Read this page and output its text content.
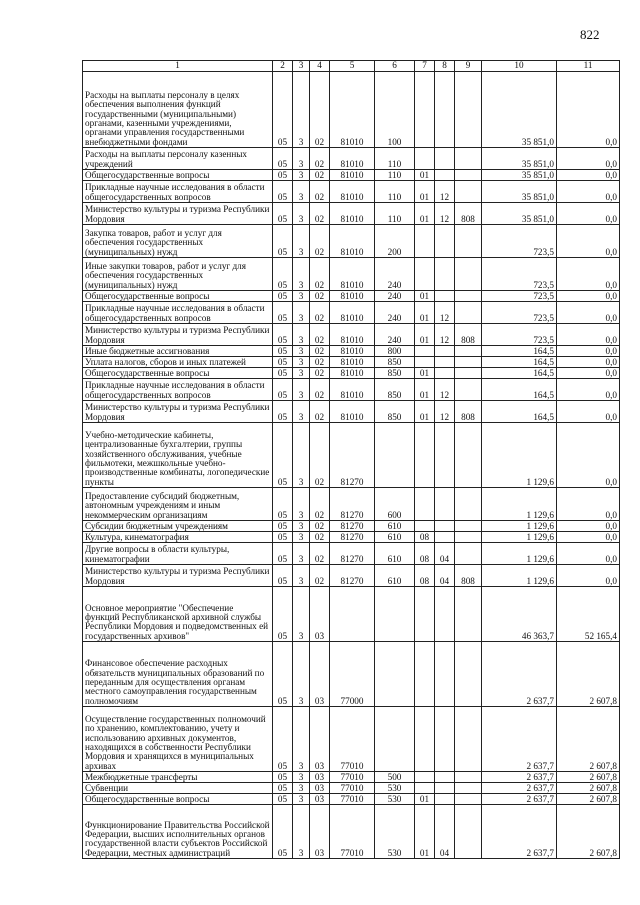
822
1	2	3	4	5	6	7	8	9	10	11
Расходы на выплаты персоналу в целях обеспечения выполнения функций государственными (муниципальными) органами, казенными учреждениями, органами управления государственными внебюджетными фондами	05	3	02	81010	100				35 851,0	0,0
Расходы на выплаты персоналу казенных учреждений	05	3	02	81010	110				35 851,0	0,0
Общегосударственные вопросы	05	3	02	81010	110	01			35 851,0	0,0
Прикладные научные исследования в области общегосударственных вопросов	05	3	02	81010	110	01	12		35 851,0	0,0
Министерство культуры и туризма Республики Мордовия	05	3	02	81010	110	01	12	808	35 851,0	0,0
Закупка товаров, работ и услуг для обеспечения государственных (муниципальных) нужд	05	3	02	81010	200				723,5	0,0
Иные закупки товаров, работ и услуг для обеспечения государственных (муниципальных) нужд	05	3	02	81010	240				723,5	0,0
Общегосударственные вопросы	05	3	02	81010	240	01			723,5	0,0
Прикладные научные исследования в области общегосударственных вопросов	05	3	02	81010	240	01	12		723,5	0,0
Министерство культуры и туризма Республики Мордовия	05	3	02	81010	240	01	12	808	723,5	0,0
Иные бюджетные ассигнования	05	3	02	81010	800				164,5	0,0
Уплата налогов, сборов и иных платежей	05	3	02	81010	850				164,5	0,0
Общегосударственные вопросы	05	3	02	81010	850	01			164,5	0,0
Прикладные научные исследования в области общегосударственных вопросов	05	3	02	81010	850	01	12		164,5	0,0
Министерство культуры и туризма Республики Мордовия	05	3	02	81010	850	01	12	808	164,5	0,0
Учебно-методические кабинеты, централизованные бухгалтерии, группы хозяйственного обслуживания, учебные фильмотеки, межшкольные учебно-производственные комбинаты, логопедические пункты	05	3	02	81270					1 129,6	0,0
Предоставление субсидий бюджетным, автономным учреждениям и иным некоммерческим организациям	05	3	02	81270	600				1 129,6	0,0
Субсидии бюджетным учреждениям	05	3	02	81270	610				1 129,6	0,0
Культура, кинематография	05	3	02	81270	610	08			1 129,6	0,0
Другие вопросы в области культуры, кинематографии	05	3	02	81270	610	08	04		1 129,6	0,0
Министерство культуры и туризма Республики Мордовия	05	3	02	81270	610	08	04	808	1 129,6	0,0
Основное мероприятие "Обеспечение функций Республиканской архивной службы Республики Мордовия и подведомственных ей государственных архивов"	05	3	03						46 363,7	52 165,4
Финансовое обеспечение расходных обязательств муниципальных образований по переданным для осуществления органам местного самоуправления государственным полномочиям	05	3	03	77000					2 637,7	2 607,8
Осуществление государственных полномочий по хранению, комплектованию, учету и использованию архивных документов, находящихся в собственности Республики Мордовия и хранящихся в муниципальных архивах	05	3	03	77010					2 637,7	2 607,8
Межбюджетные трансферты	05	3	03	77010	500				2 637,7	2 607,8
Субвенции	05	3	03	77010	530				2 637,7	2 607,8
Общегосударственные вопросы	05	3	03	77010	530	01			2 637,7	2 607,8
Функционирование Правительства Российской Федерации, высших исполнительных органов государственной власти субъектов Российской Федерации, местных администраций	05	3	03	77010	530	01	04		2 637,7	2 607,8
